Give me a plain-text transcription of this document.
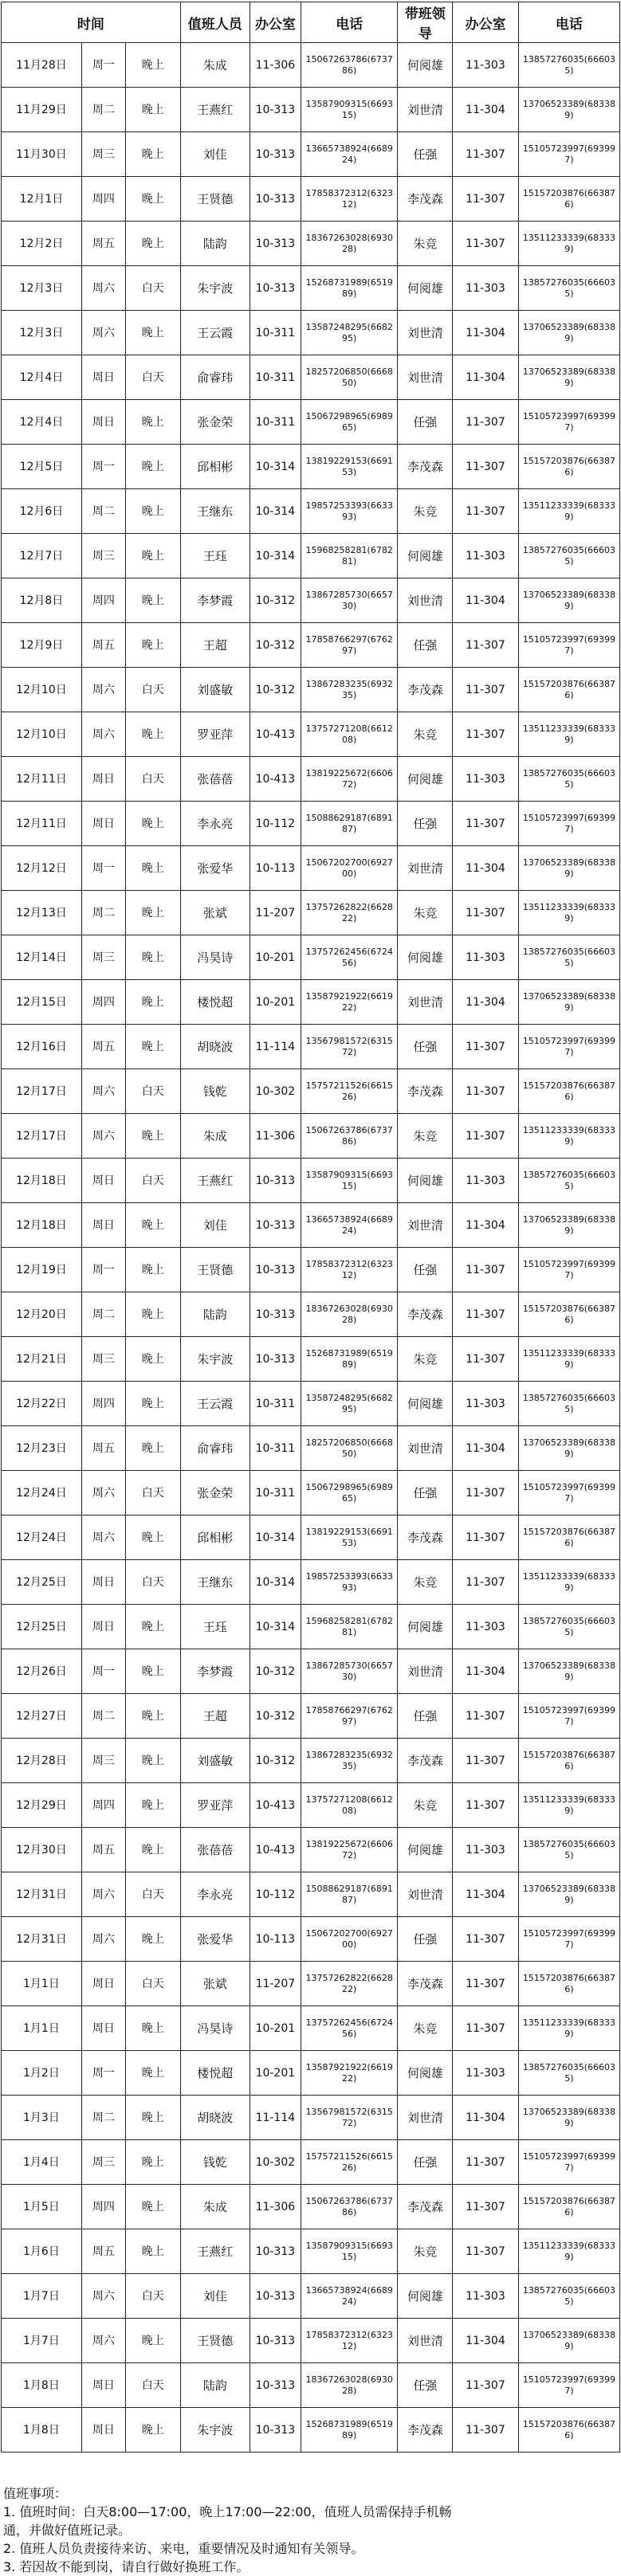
时间			值班人员	办公室	电话	带班领导	办公室	电话
11月28日	周一	晚上	朱成	11-306	15067263786(673786)	何阅雄	11-303	13857276035(666035)
11月29日	周二	晚上	王燕红	10-313	13587909315(669315)	刘世清	11-304	13706523389(683389)
11月30日	周三	晚上	刘佳	10-313	13665738924(668924)	任强	11-307	15105723997(693997)
12月1日	周四	晚上	王贤德	10-313	17858372312(632312)	李茂森	11-307	15157203876(663876)
12月2日	周五	晚上	陆韵	10-313	18367263028(693028)	朱竞	11-307	13511233339(683339)
12月3日	周六	白天	朱宇波	10-313	15268731989(651989)	何阅雄	11-303	13857276035(666035)
12月3日	周六	晚上	王云霞	10-311	13587248295(668295)	刘世清	11-304	13706523389(683389)
12月4日	周日	白天	俞睿玮	10-311	18257206850(666850)	刘世清	11-304	13706523389(683389)
12月4日	周日	晚上	张金荣	10-311	15067298965(698965)	任强	11-307	15105723997(693997)
12月5日	周一	晚上	邱相彬	10-314	13819229153(669153)	李茂森	11-307	15157203876(663876)
12月6日	周二	晚上	王继东	10-314	19857253393(663393)	朱竞	11-307	13511233339(683339)
12月7日	周三	晚上	王珏	10-314	15968258281(678281)	何阅雄	11-303	13857276035(666035)
12月8日	周四	晚上	李梦霞	10-312	13867285730(665730)	刘世清	11-304	13706523389(683389)
12月9日	周五	晚上	王超	10-312	17858766297(676297)	任强	11-307	15105723997(693997)
12月10日	周六	白天	刘盛敏	10-312	13867283235(693235)	李茂森	11-307	15157203876(663876)
12月10日	周六	晚上	罗亚萍	10-413	13757271208(661208)	朱竞	11-307	13511233339(683339)
12月11日	周日	白天	张蓓蓓	10-413	13819225672(660672)	何阅雄	11-303	13857276035(666035)
12月11日	周日	晚上	李永亮	10-112	15088629187(689187)	任强	11-307	15105723997(693997)
12月12日	周一	晚上	张爱华	10-113	15067202700(692700)	刘世清	11-304	13706523389(683389)
12月13日	周二	晚上	张斌	11-207	13757262822(662822)	朱竞	11-307	13511233339(683339)
12月14日	周三	晚上	冯昊诗	10-201	13757262456(672456)	何阅雄	11-303	13857276035(666035)
12月15日	周四	晚上	楼悦超	10-201	13587921922(661922)	刘世清	11-304	13706523389(683389)
12月16日	周五	晚上	胡晓波	11-114	13567981572(631572)	任强	11-307	15105723997(693997)
12月17日	周六	白天	钱乾	10-302	15757211526(661526)	李茂森	11-307	15157203876(663876)
12月17日	周六	晚上	朱成	11-306	15067263786(673786)	朱竞	11-307	13511233339(683339)
12月18日	周日	白天	王燕红	10-313	13587909315(669315)	何阅雄	11-303	13857276035(666035)
12月18日	周日	晚上	刘佳	10-313	13665738924(668924)	刘世清	11-304	13706523389(683389)
12月19日	周一	晚上	王贤德	10-313	17858372312(632312)	任强	11-307	15105723997(693997)
12月20日	周二	晚上	陆韵	10-313	18367263028(693028)	李茂森	11-307	15157203876(663876)
12月21日	周三	晚上	朱宇波	10-313	15268731989(651989)	朱竞	11-307	13511233339(683339)
12月22日	周四	晚上	王云霞	10-311	13587248295(668295)	何阅雄	11-303	13857276035(666035)
12月23日	周五	晚上	俞睿玮	10-311	18257206850(666850)	刘世清	11-304	13706523389(683389)
12月24日	周六	白天	张金荣	10-311	15067298965(698965)	任强	11-307	15105723997(693997)
12月24日	周六	晚上	邱相彬	10-314	13819229153(669153)	李茂森	11-307	15157203876(663876)
12月25日	周日	白天	王继东	10-314	19857253393(663393)	朱竞	11-307	13511233339(683339)
12月25日	周日	晚上	王珏	10-314	15968258281(678281)	何阅雄	11-303	13857276035(666035)
12月26日	周一	晚上	李梦霞	10-312	13867285730(665730)	刘世清	11-304	13706523389(683389)
12月27日	周二	晚上	王超	10-312	17858766297(676297)	任强	11-307	15105723997(693997)
12月28日	周三	晚上	刘盛敏	10-312	13867283235(693235)	李茂森	11-307	15157203876(663876)
12月29日	周四	晚上	罗亚萍	10-413	13757271208(661208)	朱竞	11-307	13511233339(683339)
12月30日	周五	晚上	张蓓蓓	10-413	13819225672(660672)	何阅雄	11-303	13857276035(666035)
12月31日	周六	白天	李永亮	10-112	15088629187(689187)	刘世清	11-304	13706523389(683389)
12月31日	周六	晚上	张爱华	10-113	15067202700(692700)	任强	11-307	15105723997(693997)
1月1日	周日	白天	张斌	11-207	13757262822(662822)	李茂森	11-307	15157203876(663876)
1月1日	周日	晚上	冯昊诗	10-201	13757262456(672456)	朱竞	11-307	13511233339(683339)
1月2日	周一	晚上	楼悦超	10-201	13587921922(661922)	何阅雄	11-303	13857276035(666035)
1月3日	周二	晚上	胡晓波	11-114	13567981572(631572)	刘世清	11-304	13706523389(683389)
1月4日	周三	晚上	钱乾	10-302	15757211526(661526)	任强	11-307	15105723997(693997)
1月5日	周四	晚上	朱成	11-306	15067263786(673786)	李茂森	11-307	15157203876(663876)
1月6日	周五	晚上	王燕红	10-313	13587909315(669315)	朱竞	11-307	13511233339(683339)
1月7日	周六	白天	刘佳	10-313	13665738924(668924)	何阅雄	11-303	13857276035(666035)
1月7日	周六	晚上	王贤德	10-313	17858372312(632312)	刘世清	11-304	13706523389(683389)
1月8日	周日	白天	陆韵	10-313	18367263028(693028)	任强	11-307	15105723997(693997)
1月8日	周日	晚上	朱宇波	10-313	15268731989(651989)	李茂森	11-307	15157203876(663876)
值班事项：
1. 值班时间：白天8:00—17:00，晚上17:00—22:00，值班人员需保持手机畅
通，并做好值班记录。
2. 值班人员负责接待来访、来电，重要情况及时通知有关领导。
3. 若因故不能到岗，请自行做好换班工作。
